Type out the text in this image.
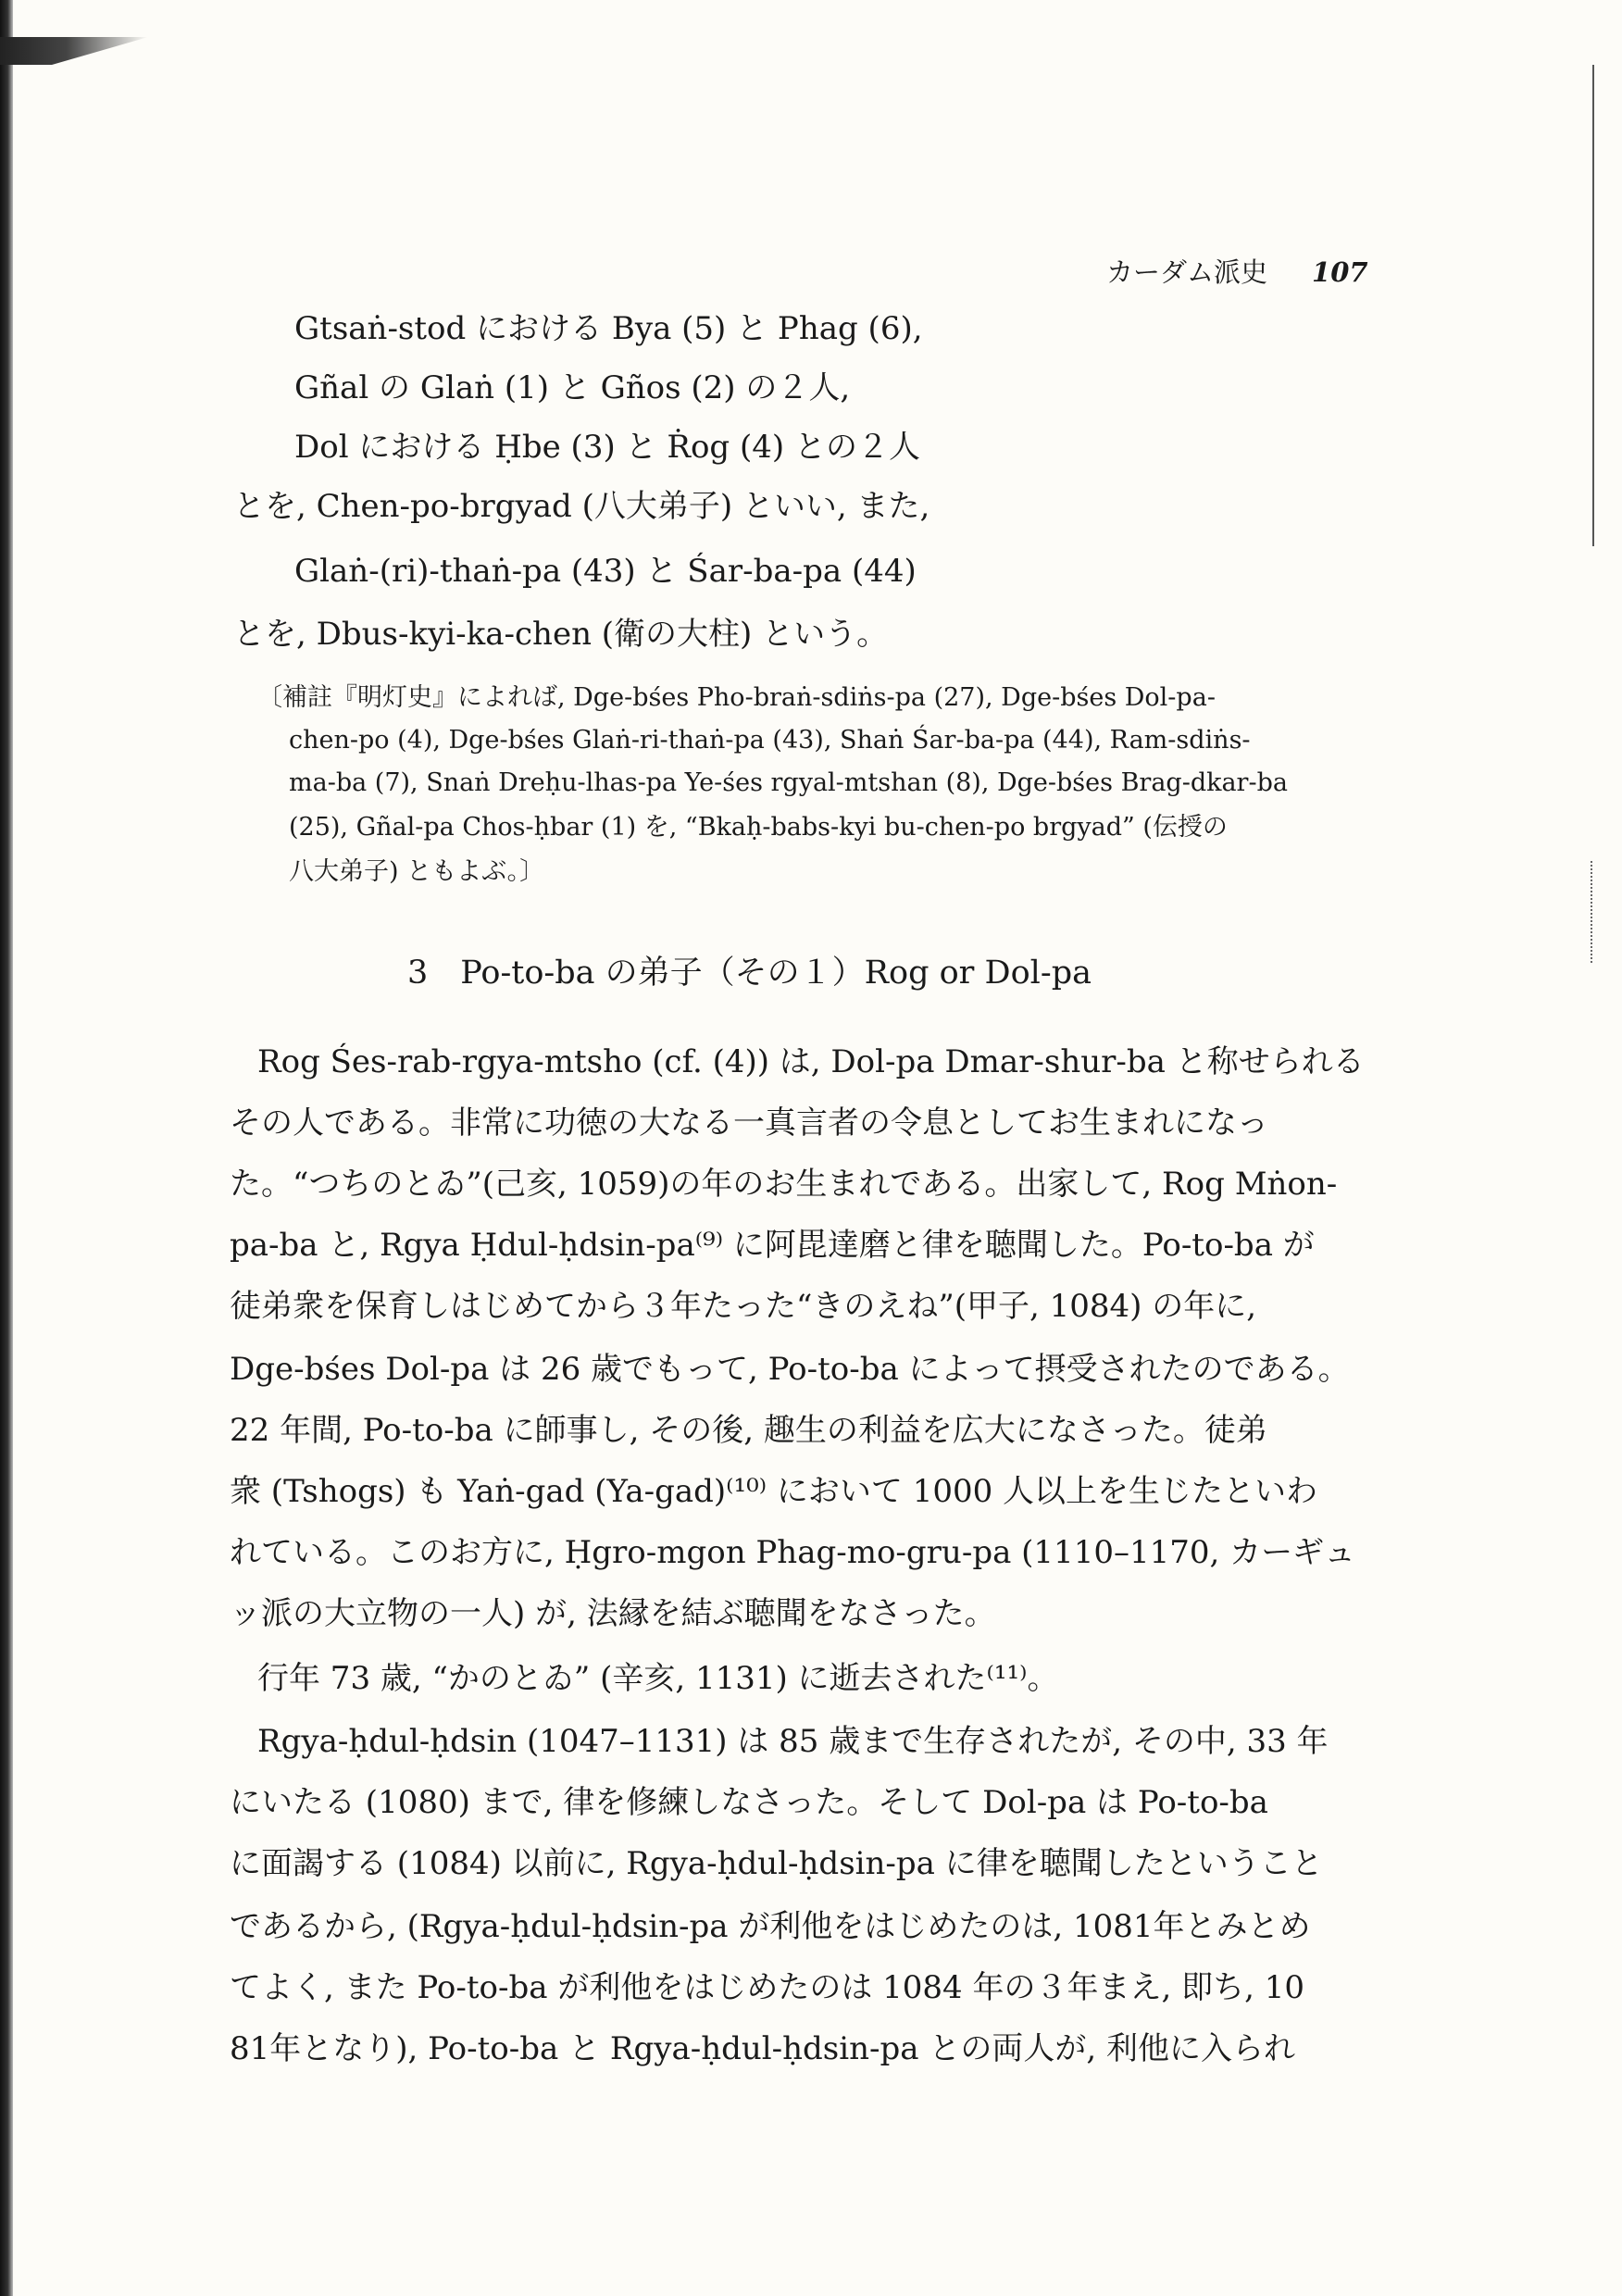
カーダム派史 107
Gtsaṅ-stod における Bya (5) と Phag (6),
Gñal の Glaṅ (1) と Gños (2) の２人,
Dol における Ḥbe (3) と Ṙog (4) との２人
とを, Chen-po-brgyad (八大弟子) といい, また,
Glaṅ-(ri)-thaṅ-pa (43) と Śar-ba-pa (44)
とを, Dbus-kyi-ka-chen (衛の大柱) という。
〔補註『明灯史』によれば, Dge-bśes Pho-braṅ-sdiṅs-pa (27), Dge-bśes Dol-pa-
chen-po (4), Dge-bśes Glaṅ-ri-thaṅ-pa (43), Shaṅ Śar-ba-pa (44), Ram-sdiṅs-
ma-ba (7), Snaṅ Dreḥu-lhas-pa Ye-śes rgyal-mtshan (8), Dge-bśes Brag-dkar-ba
(25), Gñal-pa Chos-ḥbar (1) を, “Bkaḥ-babs-kyi bu-chen-po brgyad” (伝授の
八大弟子) ともよぶ。〕
3　Po-to-ba の弟子（その１）Rog or Dol-pa
Rog Śes-rab-rgya-mtsho (cf. (4)) は, Dol-pa Dmar-shur-ba と称せられる
その人である。非常に功徳の大なる一真言者の令息としてお生まれになっ
た。“つちのとゐ”(己亥, 1059)の年のお生まれである。出家して, Rog Mṅon-
pa-ba と, Rgya Ḥdul-ḥdsin-pa⁽⁹⁾ に阿毘達磨と律を聴聞した。Po-to-ba が
徒弟衆を保育しはじめてから３年たった“きのえね”(甲子, 1084) の年に,
Dge-bśes Dol-pa は 26 歳でもって, Po-to-ba によって摂受されたのである。
22 年間, Po-to-ba に師事し, その後, 趣生の利益を広大になさった。徒弟
衆 (Tshogs) も Yaṅ-gad (Ya-gad)⁽¹⁰⁾ において 1000 人以上を生じたといわ
れている。このお方に, Ḥgro-mgon Phag-mo-gru-pa (1110–1170, カーギュ
ッ派の大立物の一人) が, 法縁を結ぶ聴聞をなさった。
行年 73 歳, “かのとゐ” (辛亥, 1131) に逝去された⁽¹¹⁾。
Rgya-ḥdul-ḥdsin (1047–1131) は 85 歳まで生存されたが, その中, 33 年
にいたる (1080) まで, 律を修練しなさった。そして Dol-pa は Po-to-ba
に面謁する (1084) 以前に, Rgya-ḥdul-ḥdsin-pa に律を聴聞したということ
であるから, (Rgya-ḥdul-ḥdsin-pa が利他をはじめたのは, 1081年とみとめ
てよく, また Po-to-ba が利他をはじめたのは 1084 年の３年まえ, 即ち, 10
81年となり), Po-to-ba と Rgya-ḥdul-ḥdsin-pa との両人が, 利他に入られ
